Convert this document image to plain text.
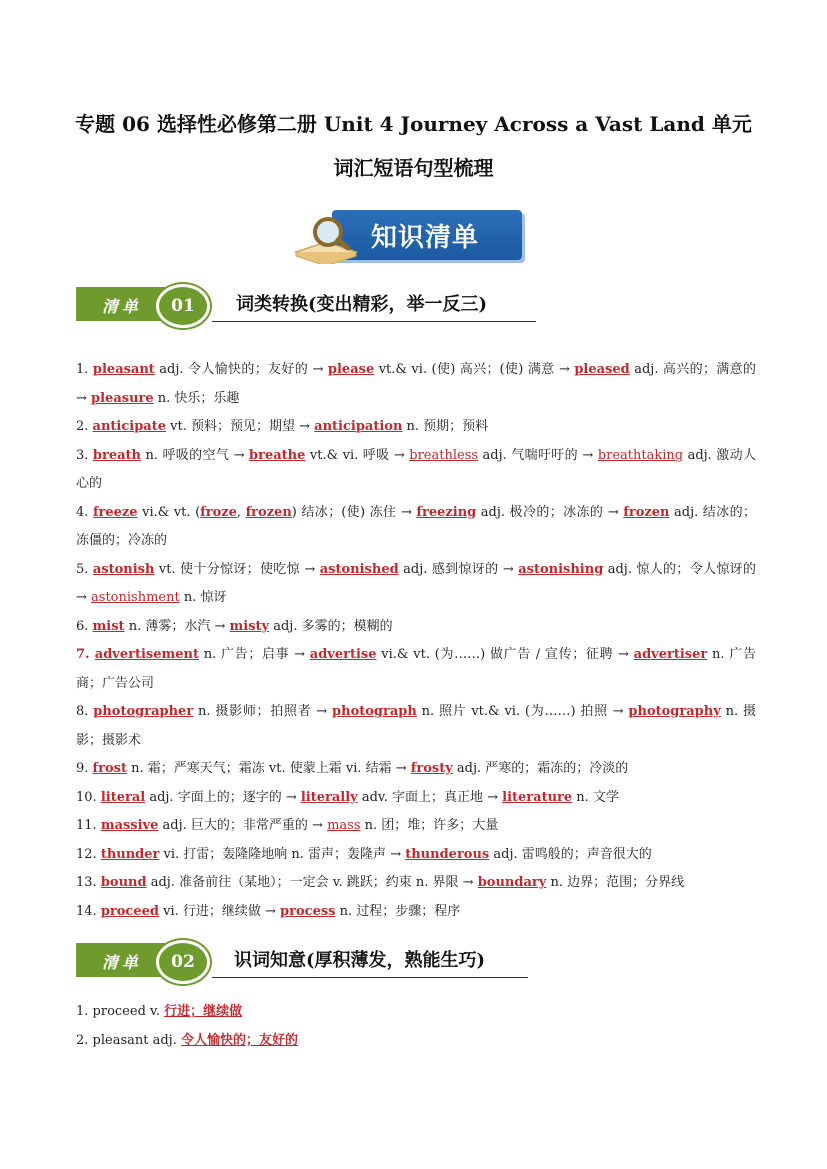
专题 06 选择性必修第二册 Unit 4 Journey Across a Vast Land 单元
词汇短语句型梳理
知识清单
清单	01	词类转换(变出精彩，举一反三)

1. pleasant adj. 令人愉快的；友好的 → please vt.& vi. (使) 高兴；(使) 满意 → pleased adj. 高兴的；满意的 → pleasure n. 快乐；乐趣

2. anticipate vt. 预料；预见；期望 → anticipation n. 预期；预料

3. breath n. 呼吸的空气 → breathe vt.& vi. 呼吸 → breathless adj. 气喘吁吁的 → breathtaking adj. 激动人心的

4. freeze vi.& vt. (froze, frozen) 结冰；(使) 冻住 → freezing adj. 极冷的；冰冻的 → frozen adj. 结冰的；冻僵的；冷冻的

5. astonish vt. 使十分惊讶；使吃惊 → astonished adj. 感到惊讶的 → astonishing adj. 惊人的；令人惊讶的 → astonishment n. 惊讶

6. mist n. 薄雾；水汽 → misty adj. 多雾的；模糊的

7. advertisement n. 广告；启事 → advertise vi.& vt. (为……) 做广告 / 宣传；征聘 → advertiser n. 广告商；广告公司

8. photographer n. 摄影师；拍照者 → photograph n. 照片 vt.& vi. (为……) 拍照 → photography n. 摄影；摄影术

9. frost n. 霜；严寒天气；霜冻 vt. 使蒙上霜 vi. 结霜 → frosty adj. 严寒的；霜冻的；冷淡的

10. literal adj. 字面上的；逐字的 → literally adv. 字面上；真正地 → literature n. 文学

11. massive adj. 巨大的；非常严重的 → mass n. 团；堆；许多；大量

12. thunder vi. 打雷；轰隆隆地响 n. 雷声；轰隆声 → thunderous adj. 雷鸣般的；声音很大的

13. bound adj. 准备前往（某地）；一定会 v. 跳跃；约束 n. 界限 → boundary n. 边界；范围；分界线

14. proceed vi. 行进；继续做 → process n. 过程；步骤；程序

清单	02	识词知意(厚积薄发，熟能生巧)

1. proceed v. 行进；继续做

2. pleasant adj. 令人愉快的；友好的
